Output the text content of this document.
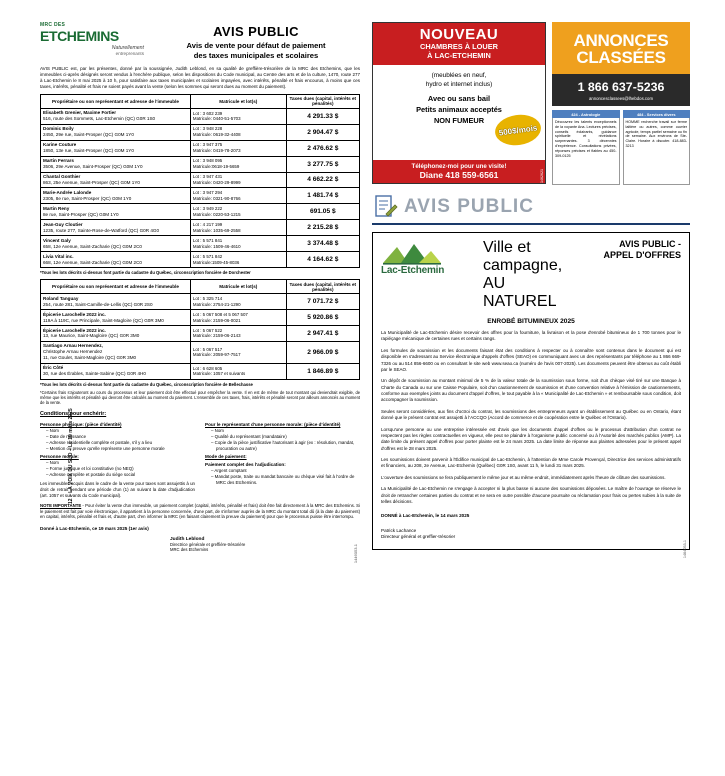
MRC DES
ETCHEMINS
Naturellement
entreprenants
AVIS PUBLIC
Avis de vente pour défaut de paiement
des taxes municipales et scolaires
AVIS PUBLIC est, par les présentes, donné par la soussignée, Judith Leblond, en sa qualité de greffière-trésorière de la MRC des Etchemins, que les immeubles ci-après désignés seront vendus à l'enchère publique, selon les dispositions du Code municipal, au Centre des arts et de la culture, 1470, route 277 à Lac-Etchemin le 8 mai 2025 à 10 h, pour satisfaire aux taxes municipales et scolaires impayées, avec intérêts, pénalité et frais encourus, à moins que ces taxes, intérêts, pénalité et frais ne soient payés avant la vente (selon les sommes qui seront dues au moment du paiement).
Propriétaire ou son représentant et adresse de l'immeuble	Matricule et lot(s)	Taxes dues (capital, intérêts et pénalités)
Elisabeth Grenier, Maxime Fortier
516, route des Sommets, Lac-Etchemin (QC) G0R 1S0	Lot : 3 602 239
Matricule: 0440-51-5703	4 291.33 $
Dominic Boily
2450, 29e rue, Saint-Prosper (QC) G0M 1Y0	Lot : 3 948 228
Matricule: 0619-32-4408	2 904.47 $
Karine Couture
1850, 13e rue, Saint-Prosper (QC) G0M 1Y0	Lot : 3 947 375
Matricule: 0419-78-2073	2 476.62 $
Martin Ferrars
3506, 29e Avenue, Saint-Prosper (QC) G0M 1Y0	Lot : 3 948 095
Matricule:0618-19-5659	3 277.75 $
Chantal Gonthier
863, 25e Avenue, Saint-Prosper (QC) G0M 1Y0	Lot : 3 947 431
Matricule: 0420-29-8999	4 662.22 $
Marie-Andrée Lalonde
2305, 8e rue, Saint-Prosper (QC) G0M 1Y0	Lot : 3 947 294
Matricule: 0321-90-8766	1 481.74 $
Martin Reny
8e rue, Saint-Prosper (QC) G0M 1Y0	Lot : 3 949 222
Matricule: 0220-53-1215	691.05 $
Jean-Guy Cloutier
1235, route 277, Sainte-Rose-de-Watford (QC) G0R 4G0	Lot : 4 217 199
Matricule: 1035-69-2558	2 215.28 $
Vincent Galy
658, 12e Avenue, Saint-Zacharie (QC) G0M 2C0	Lot : 5 571 841
Matricule: 1509-46-4610	3 374.48 $
Livia Vital inc.
668, 12e Avenue, Saint-Zacharie (QC) G0M 2C0	Lot : 5 571 842
Matricule:1509-45-8036	4 164.62 $
*Tous les lots décrits ci-dessus font partie du cadastre du Québec, circonscription foncière de Dorchester
Propriétaire ou son représentant et adresse de l'immeuble	Matricule et lot(s)	Taxes dues (capital, intérêts et pénalités)
Roland Tanguay
254, route 281, Saint-Camille-de-Lellis (QC) G0R 2S0	Lot : 5 325 714
Matricule: 2754-21-1290	7 071.72 $
Épicerie Larochelle 2022 inc.
119A à 119C, rue Principale, Saint-Magloire (QC) G0R 3M0	Lot : 5 067 508 et 5 067 507
Matricule: 2159-06-0021	5 920.86 $
Épicerie Larochelle 2022 inc.
13, rue Maurice, Saint-Magloire (QC) G0R 3M0	Lot : 5 067 522
Matricule: 2159-06-2143	2 947.41 $
Santiago Arnau Hernendez,
Christophe Arnau Hernendez
11, rue Goulet, Saint-Magloire (QC) G0R 3M0	Lot : 5 067 517
Matricule: 2059-97-7517	2 966.09 $
Éric Côté
30, rue des Érables, Sainte-Sabine (QC) G0R 4H0	Lot : 6 628 605
Matricule: 1057 et suivants	1 846.89 $
*Tous les lots décrits ci-dessus font partie du cadastre du Québec, circonscription foncière de Bellechasse
*Certains frais s'ajouteront au cours du processus et leur paiement doit être effectué pour empêcher la vente. Il en est de même de tout montant qui deviendrait exigible, de même que les intérêts et pénalité qui devront être calculés au moment du paiement. L'ensemble de ces taxes, frais, intérêts et pénalité seront par ailleurs annoncés au moment de la vente.
Conditions pour enchérir:
Personne physique: (pièce d'identité)
– Nom
– Date de naissance
– Adresse résidentielle complète et postale, s'il y a lieu
– Mention ou preuve qu'elle représente une personne morale
Personne morale:
– Nom
– Forme juridique et loi constitutive (no NEQ)
– Adresse complète et postale du siège social
Les immeubles acquis dans le cadre de la vente pour taxes sont assujettis à un droit de retrait pendant une période d'un (1) an suivant la date d'adjudication (art. 1057 et suivants du Code municipal).
Pour le représentant d'une personne morale: (pièce d'identité)
– Nom
– Qualité du représentant (mandataire)
– Copie de la pièce justificative l'autorisant à agir (ex : résolution, mandat, procuration ou autre)
Mode de paiement:
Paiement complet des l'adjudication:
– Argent comptant
– Mandat poste, traite ou mandat bancaire ou chèque visé fait à l'ordre de MRC des Etchemins.
NOTE IMPORTANTE - Pour éviter la vente d'un immeuble, un paiement complet (capital, intérêts, pénalité et frais) doit être fait directement à la MRC des Etchemins. Si le paiement est fait par voie électronique, il appartient à la personne concernée, d'une part, de s'informer auprès de la MRC du montant total dû (à la date du paiement) en capital, intérêts, pénalité et frais et, d'autre part, d'en informer la MRC (en faisant clairement la preuve du paiement) pour que le processus puisse être interrompu.
Donné à Lac-Etchemin, ce 19 mars 2025 (1er avis)
Judith Leblond
Directrice générale et greffière-trésorière
MRC des Etchemins
12 – LA VOIX DU SUD – Le 19 mars 2025
1446053-1
NOUVEAU
CHAMBRES À LOUER
À LAC-ETCHEMIN

(meublées en neuf,

hydro et internet inclus)

Avec ou sans bail

Petits animaux acceptés

NON FUMEUR

500$/mois
Téléphonez-moi pour une visite!
Diane 418 559-6561	1462621
ANNONCES
CLASSÉES
1 866 637-5236
annoncesclassees@lhebdos.com
424 - Astrologie
Découvrez les talents exceptionnels de la voyante Ana. Lectures précises, conseils éclairants, guidance spirituelle et révélations surprenantes. 3 décennies d'expérience. Consultations privées, réponses précises et fiables au 450-309-0125
484 - Services divers
HOMME recherche travail sur ferme laitière ou autres, comme ouvrier agricole, temps partiel semaine ou fin de semaine. Aux environs de Ste-Claire. Horaire à discuter. 418-883-3213
AVIS PUBLIC
Lac-Etchemin
Ville et campagne,
AU NATUREL
AVIS PUBLIC -
APPEL D'OFFRES
ENROBÉ BITUMINEUX 2025
La Municipalité de Lac-Etchemin désire recevoir des offres pour la fourniture, la livraison et la pose d'enrobé bitumineux de 1 700 tonnes pour le rapiéçage mécanique de certaines rues et certains rangs.
Les formules de soumission et les documents faisant état des conditions à respecter ou à connaître sont contenus dans le document qui est disponible en s'adressant au Service électronique d'appels d'offres (SEAO) en communiquant avec un des représentants par téléphone au 1 866 669-7326 ou au 514 856-6600 ou en consultant le site web www.seao.ca (numéro de l'avis 007-2025). Les documents peuvent être obtenus au coût établi par le SEAO.
Un dépôt de soumission au montant minimal de 5 % de la valeur totale de la soumission sous forme, soit d'un chèque visé tiré sur une Banque à Charte du Canada ou sur une Caisse Populaire, soit d'un cautionnement de soumission et d'une convention relative à l'émission de cautionnements, conforme aux exemples joints au document d'appel d'offres, le tout payable à la « Municipalité de Lac-Etchemin » et remboursable sous condition, doit accompagner la soumission.
Seules seront considérées, aux fins d'octroi du contrat, les soumissions des entrepreneurs ayant un établissement au Québec ou en Ontario, étant donné que le présent contrat est assujetti à l'ACCQO (Accord de commerce et de coopération entre le Québec et l'Ontario).
Lorsqu'une personne ou une entreprise intéressée est d'avis que les documents d'appel d'offres ou le processus d'attribution d'un contrat ne respectent pas les règles contractuelles en vigueur, elle peut se plaindre à l'organisme public concerné ou à l'Autorité des marchés publics (AMP). La date limite du présent appel d'offres pour porter plainte est le 24 mars 2025. La date limite de réponse aux plaintes adressées pour le présent appel d'offres est le 28 mars 2025.
Les soumissions doivent parvenir à l'Édifice municipal de Lac-Etchemin, à l'attention de Mme Carole Provençal, Directrice des services administratifs et financiers, au 208, 2e Avenue, Lac-Etchemin (Québec) G0R 1S0, avant 11 h, le lundi 31 mars 2025.
L'ouverture des soumissions se fera publiquement le même jour et au même endroit, immédiatement après l'heure de clôture des soumissions.
La Municipalité de Lac-Etchemin ne s'engage à accepter ni la plus basse ni aucune des soumissions déposées. Le maître de l'ouvrage se réserve le droit de retrancher certaines parties du contrat et ne sera en outre possible d'aucune poursuite ou réclamation pour frais ou pertes subies à la suite de telles décisions.
DONNÉ à Lac-Etchemin, le 14 mars 2025
Patrick Lachance
Directeur général et greffier-trésorier
1464053-1
